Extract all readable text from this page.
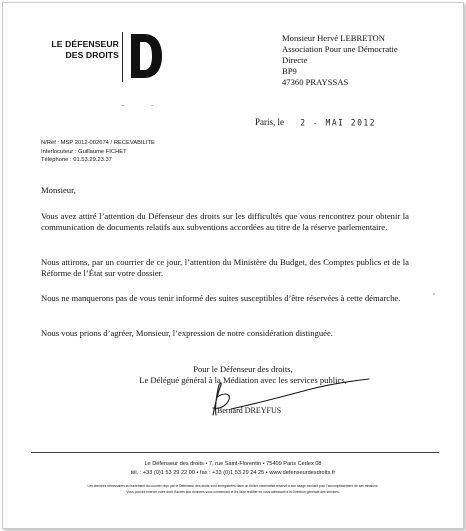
LE DÉFENSEUR
DES DROITS
Monsieur Hervé LEBRETON
Association Pour une Démocratie
Directe
BP9
47360 PRAYSSAS
Paris, le 2 - MAI 2012
N/Réf : MSP 2012-002674 / RECEVABILITE
Interlocuteur : Guillaume FICHET
Téléphone : 01.53.29.23.37
Monsieur,
Vous avez attiré l’attention du Défenseur des droits sur les difficultés que vous rencontrez pour obtenir la communication de documents relatifs aux subventions accordées au titre de la réserve parlementaire.
Nous attirons, par un courrier de ce jour, l’attention du Ministère du Budget, des Comptes publics et de la Réforme de l’État sur votre dossier.
Nous ne manquerons pas de vous tenir informé des suites susceptibles d’être réservées à cette démarche.
Nous vous prions d’agréer, Monsieur, l’expression de notre considération distinguée.
Pour le Défenseur des droits,
Le Délégué général à la Médiation avec les services publics,
Bernard DREYFUS
Le Défenseur des droits • 7, rue Saint-Florentin • 75409 Paris Cedex 08
tél. : +33 (0)1 53 29 22 00 • fax : +33 (0)1 53 29 24 25 • www.defenseurdesdroits.fr
Les données nécessaires au traitement du courrier reçu par le Défenseur des droits sont enregistrées dans un fichier informatisé réservé à son usage exclusif pour l’accomplissement de ses missions.
Vous pouvez exercer votre droit d’accès aux données vous concernant et les faire rectifier en vous adressant à la Direction générale des services.
